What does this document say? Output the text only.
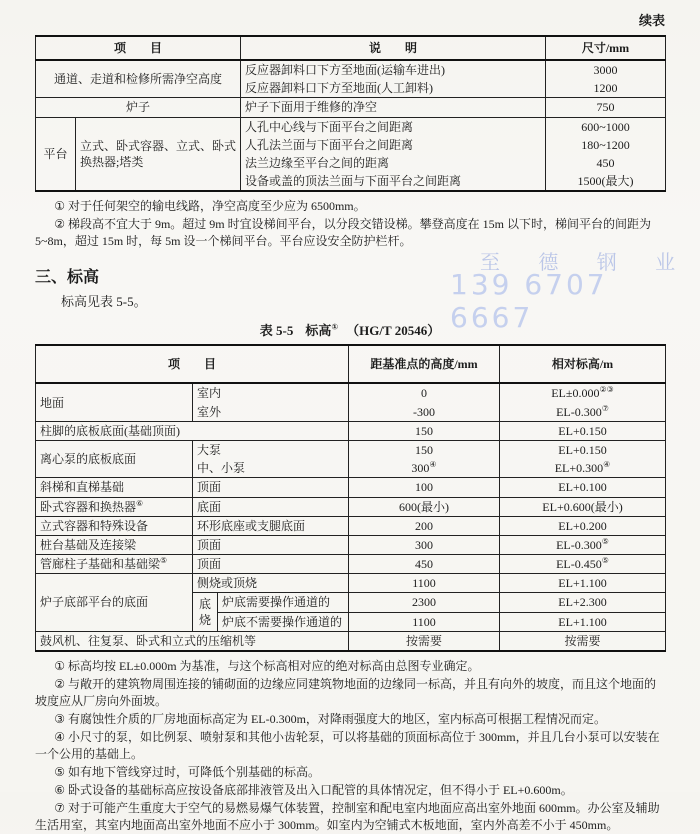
至 德 钢 业
139 6707 6667
续表
项　　目		说　　明	尺寸/mm
通道、走道和检修所需净空高度		反应器卸料口下方至地面(运输车进出)	3000
		反应器卸料口下方至地面(人工卸料)	1200
炉子		炉子下面用于维修的净空	750
平台	立式、卧式容器、立式、卧式换热器;塔类	人孔中心线与下面平台之间距离	600~1000
		人孔法兰面与下面平台之间距离	180~1200
		法兰边缘至平台之间的距离	450
		设备或盖的顶法兰面与下面平台之间距离	1500(最大)

① 对于任何架空的输电线路，净空高度至少应为 6500mm。

② 梯段高不宜大于 9m。超过 9m 时宜设梯间平台，以分段交错设梯。攀登高度在 15m 以下时，梯间平台的间距为 5~8m，超过 15m 时，每 5m 设一个梯间平台。平台应设安全防护栏杆。

三、标高

标高见表 5-5。

表 5-5 标高① （HG/T 20546）
项　　目			距基准点的高度/mm	相对标高/m
地面	室内		0	EL±0.000②③
	室外		-300	EL-0.300⑦
柱脚的底板底面(基础顶面)			150	EL+0.150
离心泵的底板底面	大泵		150	EL+0.150
	中、小泵		300④	EL+0.300④
斜梯和直梯基础	顶面		100	EL+0.100
卧式容器和换热器⑥	底面		600(最小)	EL+0.600(最小)
立式容器和特殊设备	环形底座或支腿底面		200	EL+0.200
桩台基础及连接梁	顶面		300	EL-0.300⑤
管廊柱子基础和基础梁⑤	顶面		450	EL-0.450⑤
炉子底部平台的底面	侧烧或顶烧		1100	EL+1.100
	底烧	炉底需要操作通道的	2300	EL+2.300
		炉底不需要操作通道的	1100	EL+1.100
鼓风机、往复泵、卧式和立式的压缩机等			按需要	按需要

① 标高均按 EL±0.000m 为基准，与这个标高相对应的绝对标高由总图专业确定。

② 与敞开的建筑物周围连接的铺砌面的边缘应同建筑物地面的边缘同一标高，并且有向外的坡度，而且这个地面的坡度应从厂房向外面坡。

③ 有腐蚀性介质的厂房地面标高定为 EL-0.300m，对降雨强度大的地区，室内标高可根据工程情况而定。

④ 小尺寸的泵，如比例泵、喷射泵和其他小齿轮泵，可以将基础的顶面标高位于 300mm，并且几台小泵可以安装在一个公用的基础上。

⑤ 如有地下管线穿过时，可降低个别基础的标高。

⑥ 卧式设备的基础标高应按设备底部排液管及出入口配管的具体情况定，但不得小于 EL+0.600m。

⑦ 对于可能产生重度大于空气的易燃易爆气体装置，控制室和配电室内地面应高出室外地面 600mm。办公室及辅助生活用室，其室内地面高出室外地面不应小于 300mm。如室内为空铺式木板地面，室内外高差不小于 450mm。
